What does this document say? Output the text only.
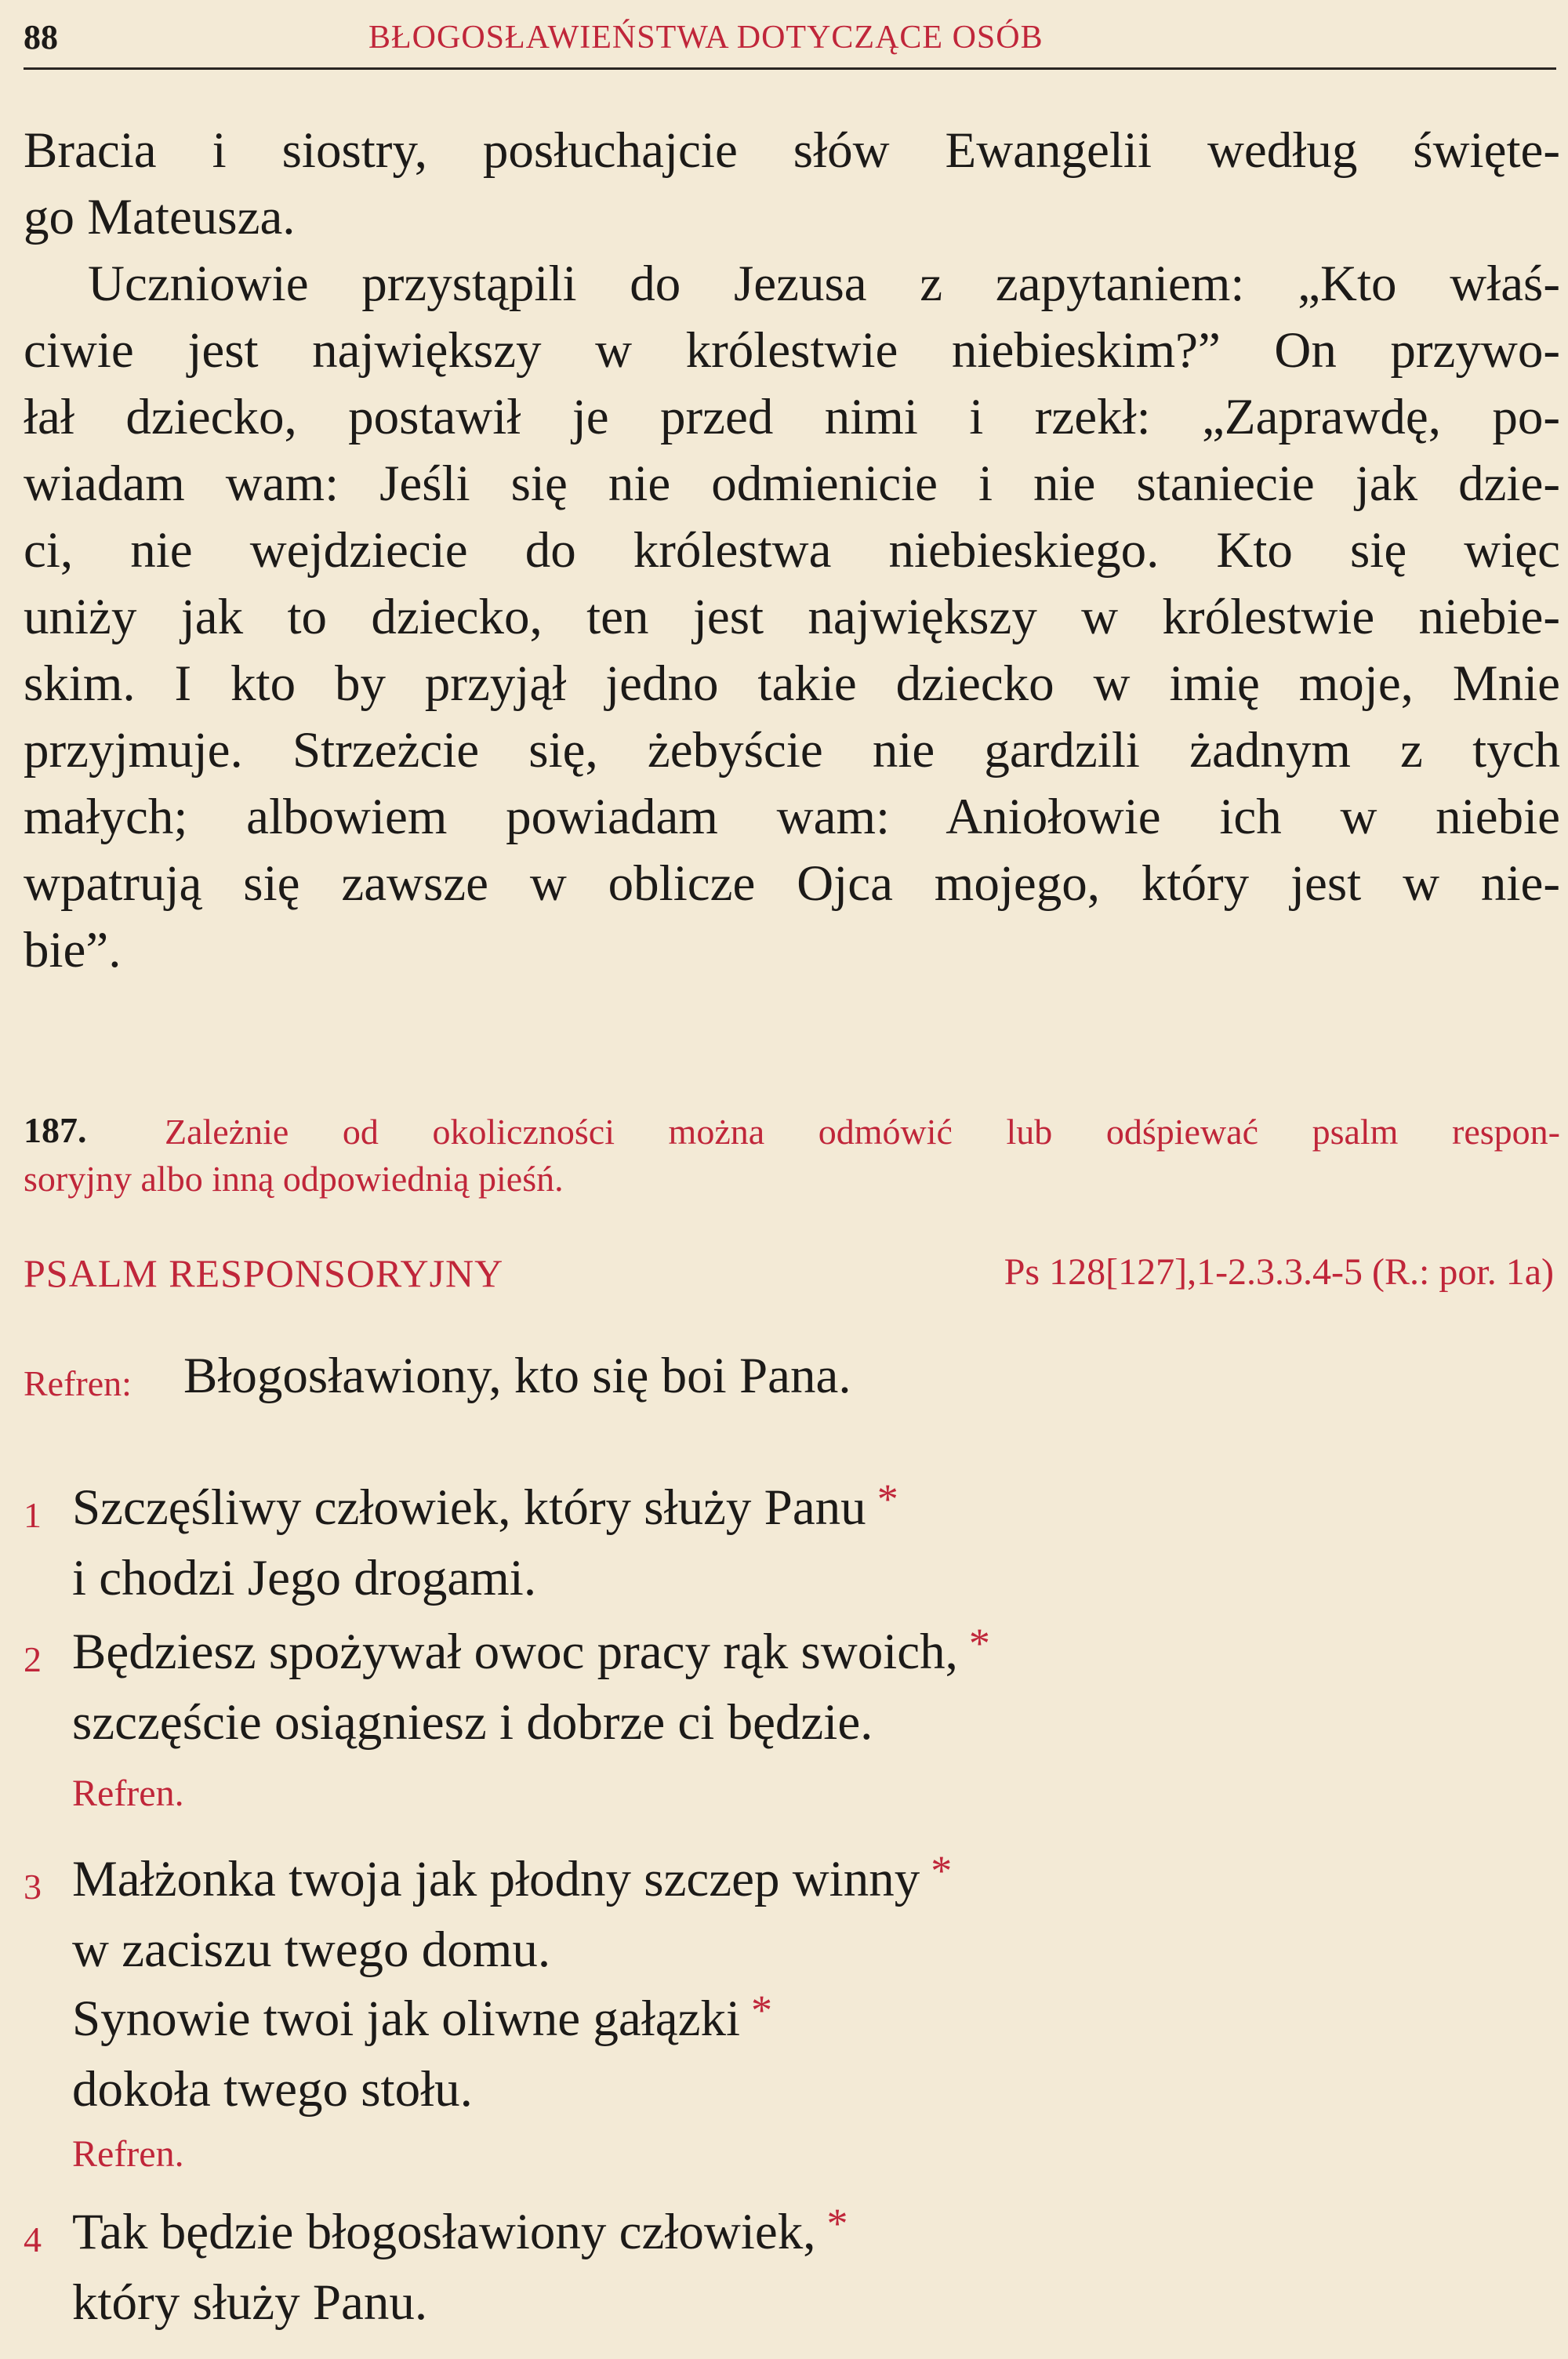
88	BŁOGOSŁAWIEŃSTWA DOTYCZĄCE OSÓB
Bracia i siostry, posłuchajcie słów Ewangelii według święte-
go Mateusza.
Uczniowie przystąpili do Jezusa z zapytaniem: „Kto właś-
ciwie jest największy w królestwie niebieskim?” On przywo-
łał dziecko, postawił je przed nimi i rzekł: „Zaprawdę, po-
wiadam wam: Jeśli się nie odmienicie i nie staniecie jak dzie-
ci, nie wejdziecie do królestwa niebieskiego. Kto się więc
uniży jak to dziecko, ten jest największy w królestwie niebie-
skim. I kto by przyjął jedno takie dziecko w imię moje, Mnie
przyjmuje. Strzeżcie się, żebyście nie gardzili żadnym z tych
małych; albowiem powiadam wam: Aniołowie ich w niebie
wpatrują się zawsze w oblicze Ojca mojego, który jest w nie-
bie”.
187. Zależnie od okoliczności można odmówić lub odśpiewać psalm respon-
soryjny albo inną odpowiednią pieśń.
PSALM RESPONSORYJNY	Ps 128[127],1-2.3.3.4-5 (R.: por. 1a)
Refren: Błogosławiony, kto się boi Pana.
1 Szczęśliwy człowiek, który służy Panu *
i chodzi Jego drogami.
2 Będziesz spożywał owoc pracy rąk swoich, *
szczęście osiągniesz i dobrze ci będzie.
Refren.
3 Małżonka twoja jak płodny szczep winny *
w zaciszu twego domu.
Synowie twoi jak oliwne gałązki *
dokoła twego stołu.
Refren.
4 Tak będzie błogosławiony człowiek, *
który służy Panu.
